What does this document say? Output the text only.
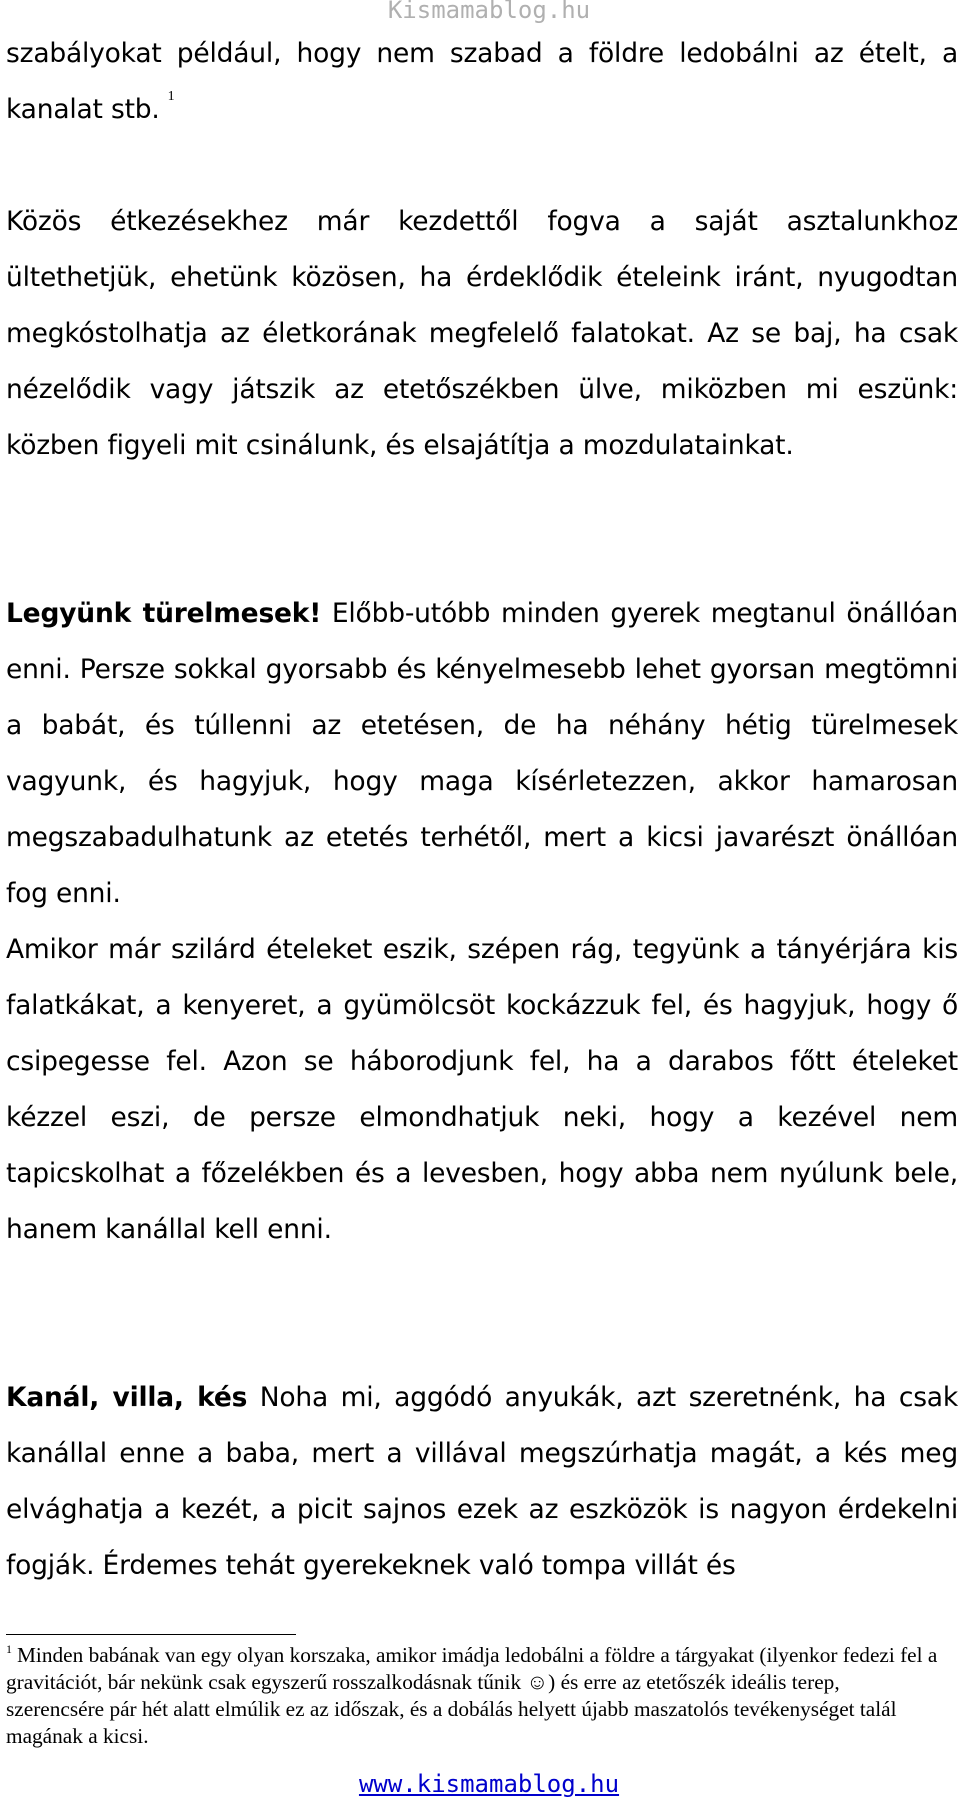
Kismamablog.hu

szabályokat például, hogy nem szabad a földre ledobálni az ételt, a kanalat stb. $^1$

Közös étkezésekhez már kezdettől fogva a saját asztalunkhoz ültethetjük, ehetünk közösen, ha érdeklődik ételeink iránt, nyugodtan megkóstolhatja az életkorának megfelelő falatokat. Az se baj, ha csak nézelődik vagy játszik az etetőszékben ülve, miközben mi eszünk: közben figyeli mit csinálunk, és elsajátítja a mozdulatainkat.

Legyünk türelmesek! Előbb-utóbb minden gyerek megtanul önállóan enni. Persze sokkal gyorsabb és kényelmesebb lehet gyorsan megtömni a babát, és túllenni az etetésen, de ha néhány hétig türelmesek vagyunk, és hagyjuk, hogy maga kísérletezzen, akkor hamarosan megszabadulhatunk az etetés terhétől, mert a kicsi javarészt önállóan fog enni.

Amikor már szilárd ételeket eszik, szépen rág, tegyünk a tányérjára kis falatkákat, a kenyeret, a gyümölcsöt kockázzuk fel, és hagyjuk, hogy ő csipegesse fel. Azon se háborodjunk fel, ha a darabos főtt ételeket kézzel eszi, de persze elmondhatjuk neki, hogy a kezével nem tapicskolhat a főzelékben és a levesben, hogy abba nem nyúlunk bele, hanem kanállal kell enni.

Kanál, villa, kés Noha mi, aggódó anyukák, azt szeretnénk, ha csak kanállal enne a baba, mert a villával megszúrhatja magát, a kés meg elvághatja a kezét, a picit sajnos ezek az eszközök is nagyon érdekelni fogják. Érdemes tehát gyerekeknek való tompa villát és

$^1$ Minden babának van egy olyan korszaka, amikor imádja ledobálni a földre a tárgyakat (ilyenkor fedezi fel a gravitációt, bár nekünk csak egyszerű rosszalkodásnak tűnik ☺) és erre az etetőszék ideális terep, szerencsére pár hét alatt elmúlik ez az időszak, és a dobálás helyett újabb maszatolós tevékenységet talál magának a kicsi.
www.kismamablog.hu
